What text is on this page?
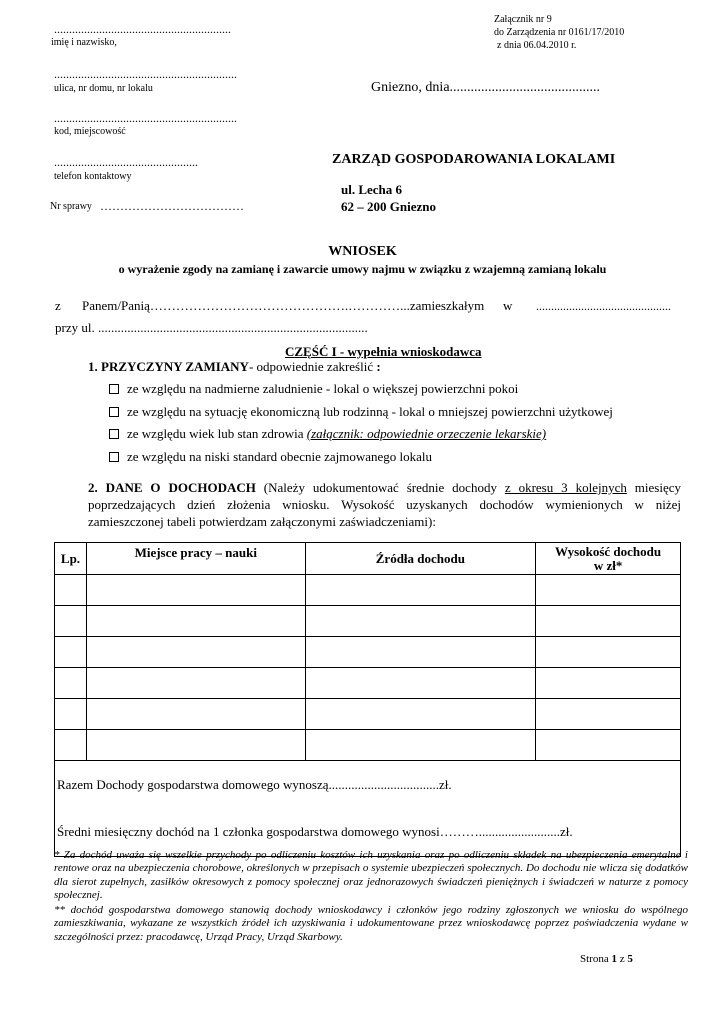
Załącznik nr 9
do Zarządzenia nr 0161/17/2010
z dnia 06.04.2010 r.
...........................................................
imię i nazwisko,
.............................................................
ulica, nr domu, nr lokalu
.............................................................
kod, miejscowość
................................................
telefon kontaktowy
Nr sprawy ………………………………
Gniezno, dnia...........................................
ZARZĄD GOSPODAROWANIA LOKALAMI
ul. Lecha 6
62 – 200 Gniezno
WNIOSEK
o wyrażenie zgody na zamianę i zawarcie umowy najmu w związku z wzajemną zamianą lokalu
z Panem/Panią……………………………………….…………...zamieszkałym w .............................................
przy ul. ...................................................................................
CZĘŚĆ I - wypełnia wnioskodawca
1. PRZYCZYNY ZAMIANY- odpowiednie zakreślić :
ze względu na nadmierne zaludnienie - lokal o większej powierzchni pokoi
ze względu na sytuację ekonomiczną lub rodzinną - lokal o mniejszej powierzchni użytkowej
ze względu wiek lub stan zdrowia (załącznik: odpowiednie orzeczenie lekarskie)
ze względu na niski standard obecnie zajmowanego lokalu
2. DANE O DOCHODACH (Należy udokumentować średnie dochody z okresu 3 kolejnych miesięcy poprzedzających dzień złożenia wniosku. Wysokość uzyskanych dochodów wymienionych w niżej zamieszczonej tabeli potwierdzam załączonymi zaświadczeniami):
Lp.	Miejsce pracy – nauki	Źródła dochodu	Wysokość dochodu
w zł*

Razem Dochody gospodarstwa domowego wynoszą..................................zł.			
Średni miesięczny dochód na 1 członka gospodarstwa domowego wynosi……….........................zł.			
* Za dochód uważa się wszelkie przychody po odliczeniu kosztów ich uzyskania oraz po odliczeniu składek na ubezpieczenia emerytalne i rentowe oraz na ubezpieczenia chorobowe, określonych w przepisach o systemie ubezpieczeń społecznych. Do dochodu nie wlicza się dodatków dla sierot zupełnych, zasiłków okresowych z pomocy społecznej oraz jednorazowych świadczeń pieniężnych i świadczeń w naturze z pomocy społecznej.
** dochód gospodarstwa domowego stanowią dochody wnioskodawcy i członków jego rodziny zgłoszonych we wniosku do wspólnego zamieszkiwania, wykazane ze wszystkich źródeł ich uzyskiwania i udokumentowane przez wnioskodawcę poprzez poświadczenia wydane w szczególności przez: pracodawcę, Urząd Pracy, Urząd Skarbowy.
Strona 1 z 5
